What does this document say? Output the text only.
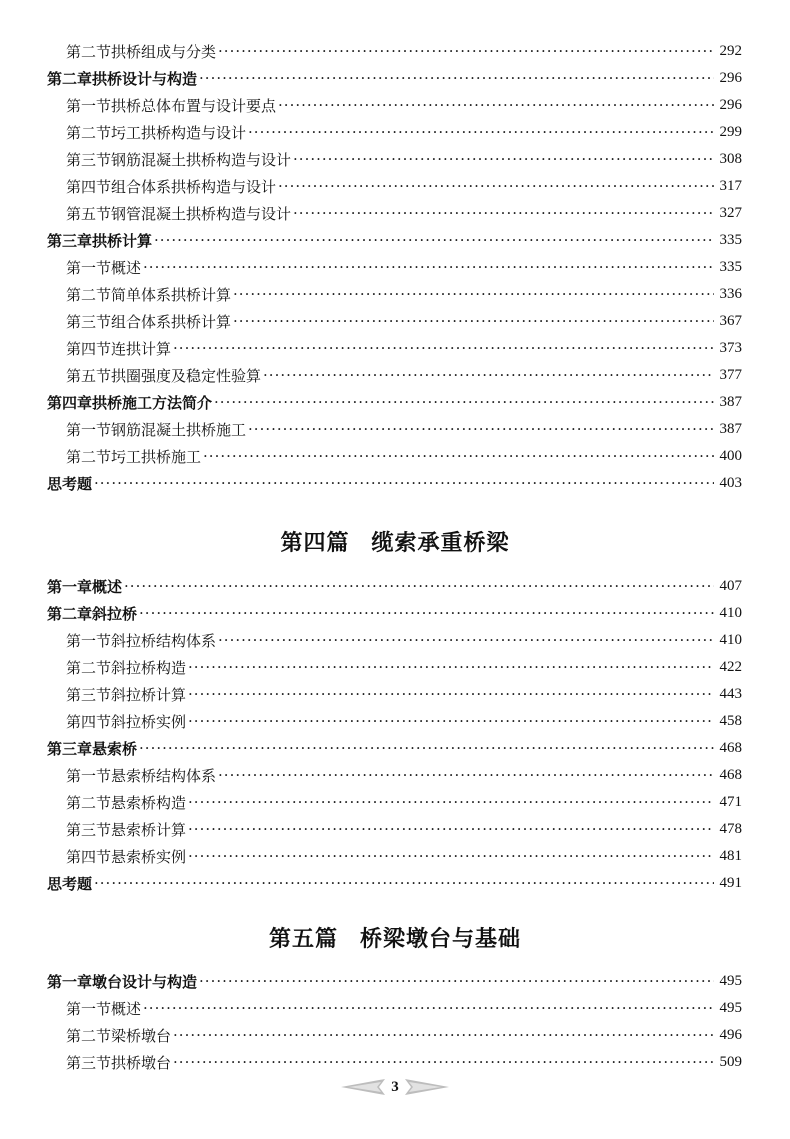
第二节 拱桥组成与分类 ·····	292
第二章 拱桥设计与构造 ·····	296
第一节 拱桥总体布置与设计要点 ·····	296
第二节 圬工拱桥构造与设计 ·····	299
第三节 钢筋混凝土拱桥构造与设计 ·····	308
第四节 组合体系拱桥构造与设计 ·····	317
第五节 钢管混凝土拱桥构造与设计 ·····	327
第三章 拱桥计算 ·····	335
第一节 概述 ·····	335
第二节 简单体系拱桥计算 ·····	336
第三节 组合体系拱桥计算 ·····	367
第四节 连拱计算 ·····	373
第五节 拱圈强度及稳定性验算 ·····	377
第四章 拱桥施工方法简介 ·····	387
第一节 钢筋混凝土拱桥施工 ·····	387
第二节 圬工拱桥施工 ·····	400
思考题 ·····	403
第四篇 缆索承重桥梁
第一章 概述 ·····	407
第二章 斜拉桥 ·····	410
第一节 斜拉桥结构体系 ·····	410
第二节 斜拉桥构造 ·····	422
第三节 斜拉桥计算 ·····	443
第四节 斜拉桥实例 ·····	458
第三章 悬索桥 ·····	468
第一节 悬索桥结构体系 ·····	468
第二节 悬索桥构造 ·····	471
第三节 悬索桥计算 ·····	478
第四节 悬索桥实例 ·····	481
思考题 ·····	491
第五篇 桥梁墩台与基础
第一章 墩台设计与构造 ·····	495
第一节 概述 ·····	495
第二节 梁桥墩台 ·····	496
第三节 拱桥墩台 ·····	509
3
